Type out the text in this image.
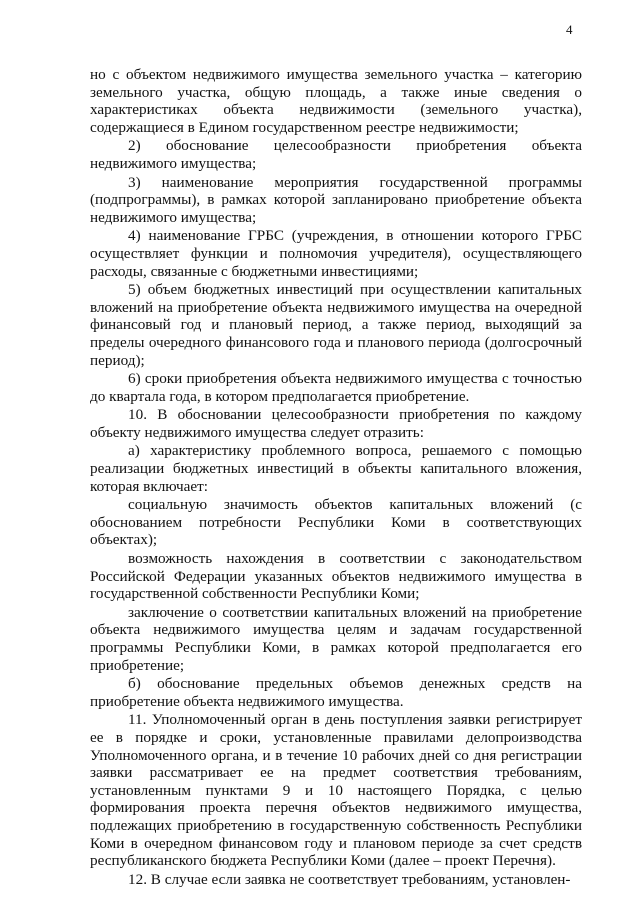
4

но с объектом недвижимого имущества земельного участка – категорию земельного участка, общую площадь, а также иные сведения о характеристиках объекта недвижимости (земельного участка), содержащиеся в Едином государственном реестре недвижимости;

2) обоснование целесообразности приобретения объекта недвижимого имущества;

3) наименование мероприятия государственной программы (подпрограммы), в рамках которой запланировано приобретение объекта недвижимого имущества;

4) наименование ГРБС (учреждения, в отношении которого ГРБС осуществляет функции и полномочия учредителя), осуществляющего расходы, связанные с бюджетными инвестициями;

5) объем бюджетных инвестиций при осуществлении капитальных вложений на приобретение объекта недвижимого имущества на очередной финансовый год и плановый период, а также период, выходящий за пределы очередного финансового года и планового периода (долгосрочный период);

6) сроки приобретения объекта недвижимого имущества с точностью до квартала года, в котором предполагается приобретение.

10. В обосновании целесообразности приобретения по каждому объекту недвижимого имущества следует отразить:

а) характеристику проблемного вопроса, решаемого с помощью реализации бюджетных инвестиций в объекты капитального вложения, которая включает:

социальную значимость объектов капитальных вложений (с обоснованием потребности Республики Коми в соответствующих объектах);

возможность нахождения в соответствии с законодательством Российской Федерации указанных объектов недвижимого имущества в государственной собственности Республики Коми;

заключение о соответствии капитальных вложений на приобретение объекта недвижимого имущества целям и задачам государственной программы Республики Коми, в рамках которой предполагается его приобретение;

б) обоснование предельных объемов денежных средств на приобретение объекта недвижимого имущества.

11. Уполномоченный орган в день поступления заявки регистрирует ее в порядке и сроки, установленные правилами делопроизводства Уполномоченного органа, и в течение 10 рабочих дней со дня регистрации заявки рассматривает ее на предмет соответствия требованиям, установленным пунктами 9 и 10 настоящего Порядка, с целью формирования проекта перечня объектов недвижимого имущества, подлежащих приобретению в государственную собственность Республики Коми в очередном финансовом году и плановом периоде за счет средств республиканского бюджета Республики Коми (далее – проект Перечня).

12. В случае если заявка не соответствует требованиям, установлен-
